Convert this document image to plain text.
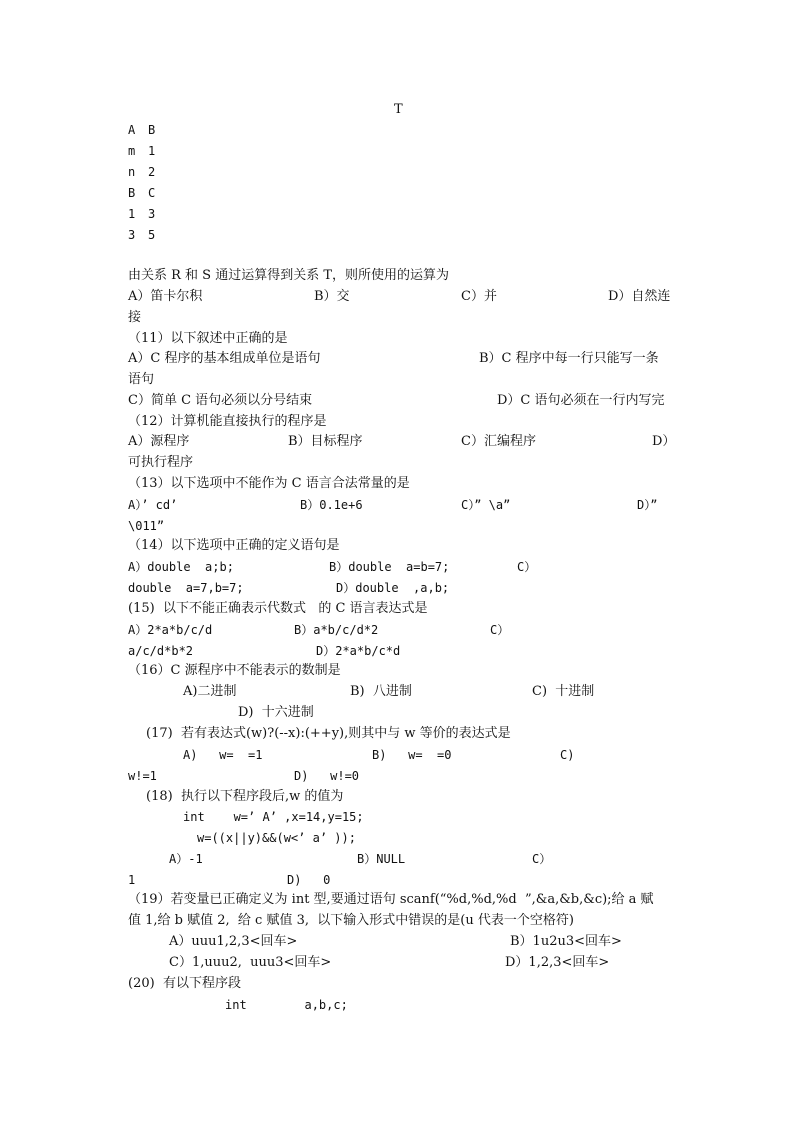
T
A B
m 1
n 2
B C
1 3
3 5
由关系 R 和 S 通过运算得到关系 T，则所使用的运算为
A）笛卡尔积	B）交	C）并	D）自然连
接
（11）以下叙述中正确的是
A）C 程序的基本组成单位是语句	B）C 程序中每一行只能写一条
语句
C）简单 C 语句必须以分号结束	D）C 语句必须在一行内写完
（12）计算机能直接执行的程序是
A）源程序	B）目标程序	C）汇编程序	D）
可执行程序
（13）以下选项中不能作为 C 语言合法常量的是
A）’ cd’	B）0.1e+6	C）” \a”	D）”
\011”
（14）以下选项中正确的定义语句是
A）double  a;b;	B）double  a=b=7;	C）
double  a=7,b=7;	D）double  ,a,b;
(15)  以下不能正确表示代数式   的 C 语言表达式是
A）2*a*b/c/d	B）a*b/c/d*2	C）
a/c/d*b*2	D）2*a*b/c*d
（16）C 源程序中不能表示的数制是
A)二进制	B)  八进制	C)  十进制
D)  十六进制
(17)  若有表达式(w)?(--x):(++y),则其中与 w 等价的表达式是
A)   w=  =1	B)   w=  =0	C)
w!=1	D)   w!=0
(18)  执行以下程序段后,w 的值为
int    w=’ A’ ,x=14,y=15;
w=((x||y)&&(w<’ a’ ));
A）-1	B）NULL	C）
1	D)   0
（19）若变量已正确定义为 int 型,要通过语句 scanf(“%d,%d,%d  ”,&a,&b,&c);给 a 赋
值 1,给 b 赋值 2,  给 c 赋值 3,  以下输入形式中错误的是(u 代表一个空格符)
A）uuu1,2,3<回车>	B）1u2u3<回车>
C）1,uuu2,  uuu3<回车>	D）1,2,3<回车>
(20)  有以下程序段
int        a,b,c;
